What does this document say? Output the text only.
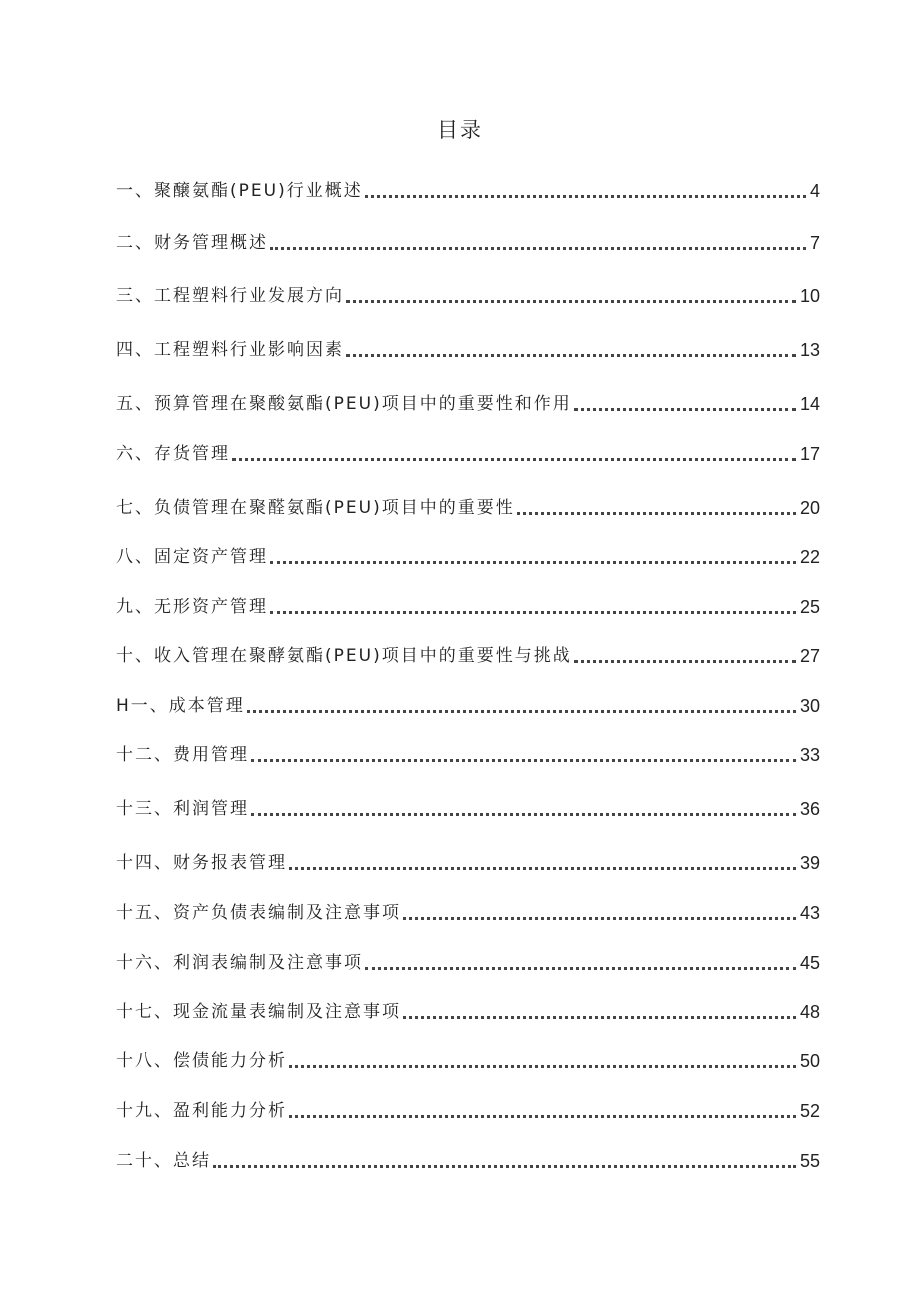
目录
一、聚醸氨酯(PEU)行业概述	4
二、财务管理概述	7
三、工程塑料行业发展方向	10
四、工程塑料行业影响因素	13
五、预算管理在聚酸氨酯(PEU)项目中的重要性和作用	14
六、存货管理	17
七、负债管理在聚醛氨酯(PEU)项目中的重要性	20
八、固定资产管理	22
九、无形资产管理	25
十、收入管理在聚酵氨酯(PEU)项目中的重要性与挑战	27
H一、成本管理	30
十二、费用管理	33
十三、利润管理	36
十四、财务报表管理	39
十五、资产负债表编制及注意事项	43
十六、利润表编制及注意事项	45
十七、现金流量表编制及注意事项	48
十八、偿债能力分析	50
十九、盈利能力分析	52
二十、总结	55
